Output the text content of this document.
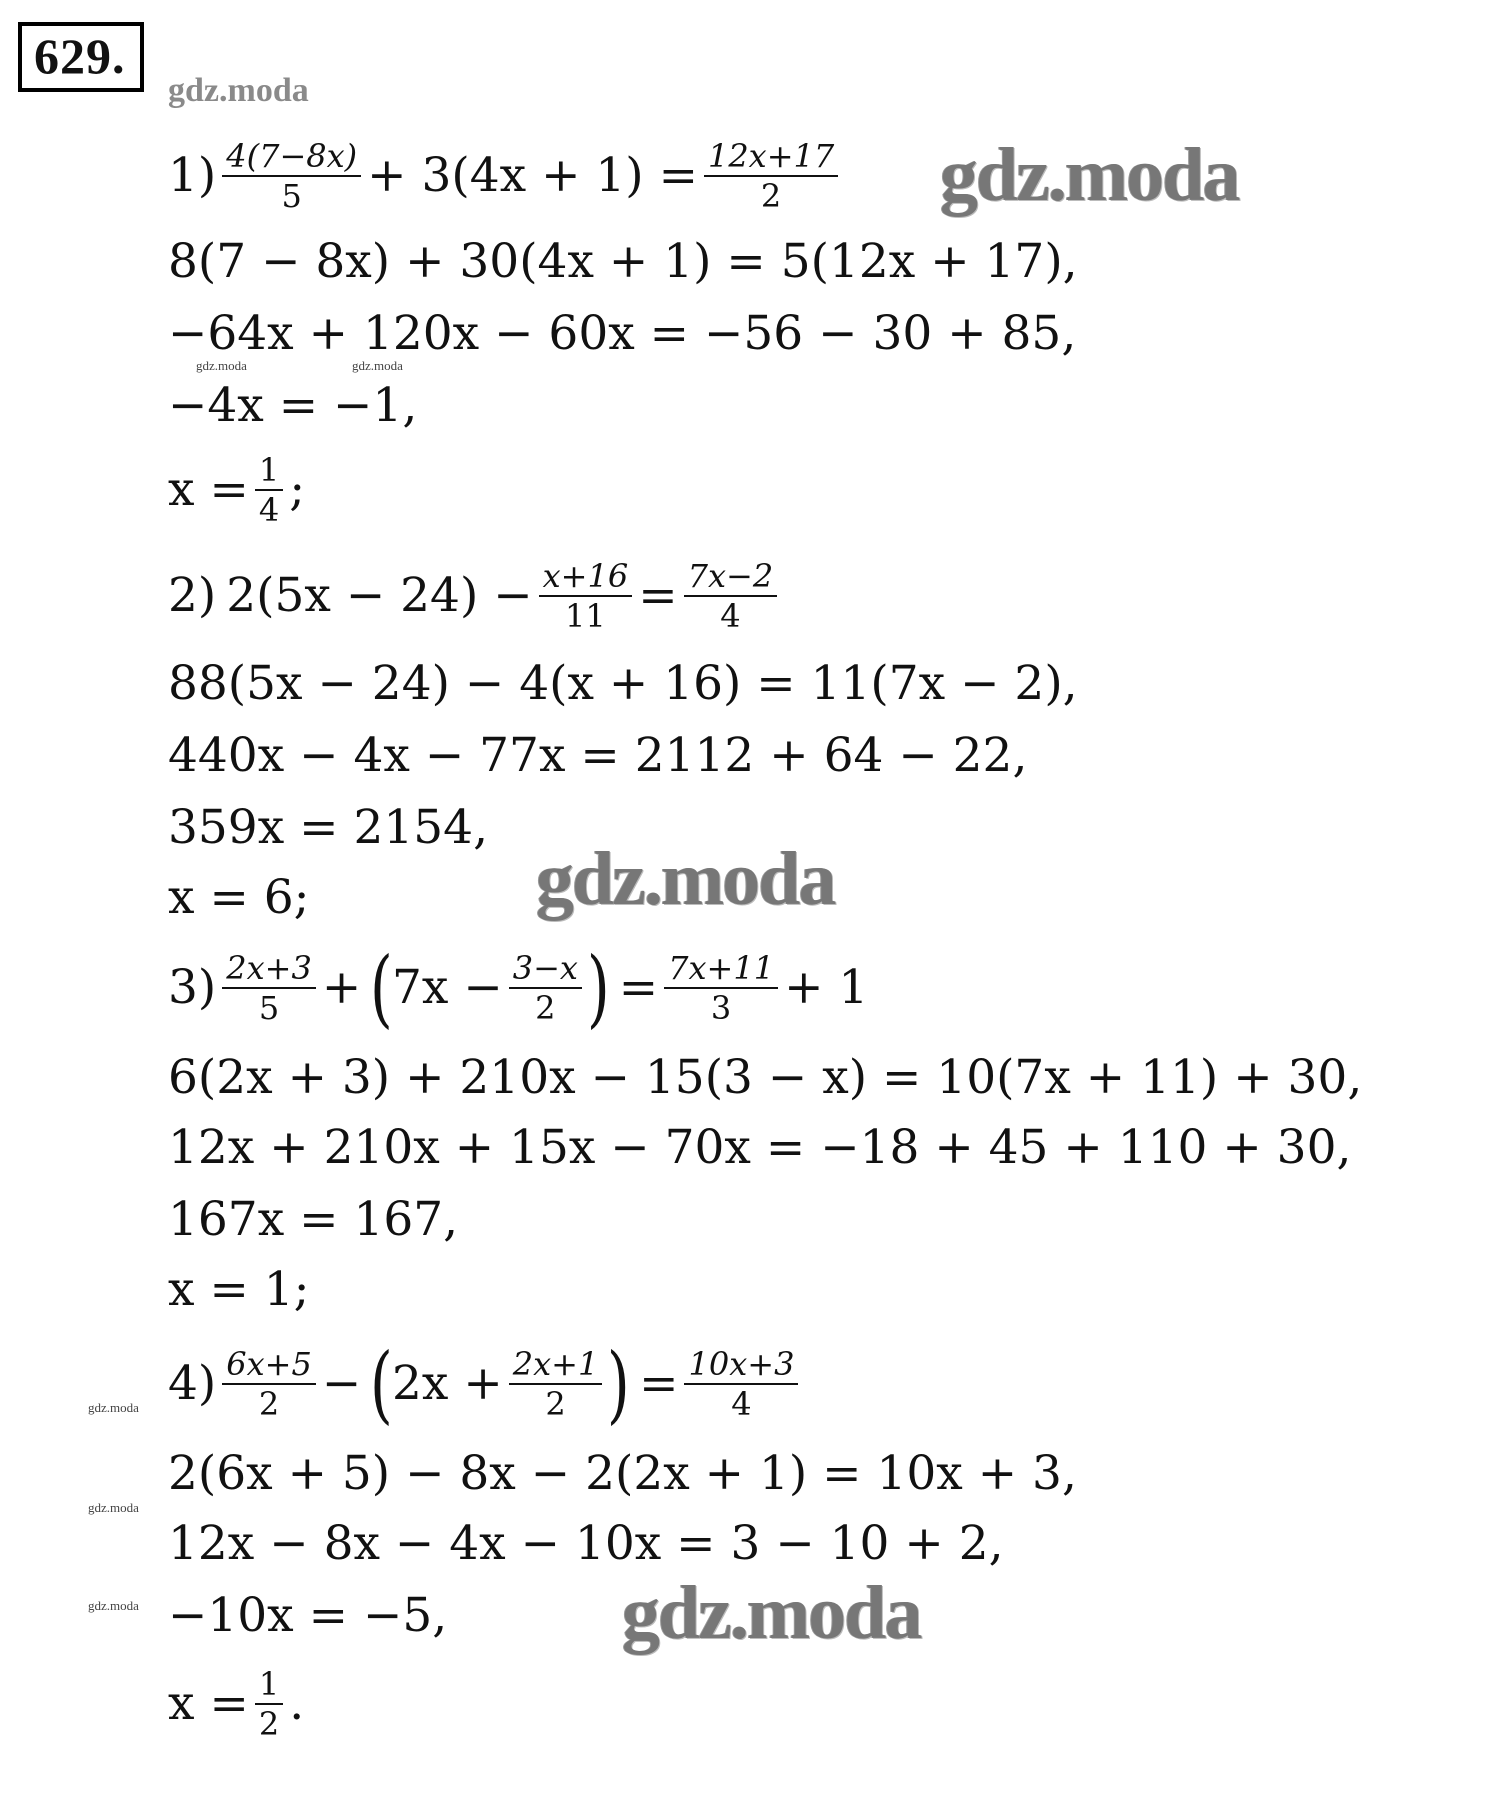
629.
gdz.moda
gdz.moda
gdz.moda	gdz.moda
gdz.moda
gdz.moda
gdz.moda
gdz.moda	gdz.moda
$1) \frac{4(7-8x)}{5} + 3(4x + 1) = \frac{12x+17}{2}$
8(7 − 8x) + 30(4x + 1) = 5(12x + 17),
−64x + 120x − 60x = −56 − 30 + 85,
−4x = −1,
$x = \frac{1}{4}$ ;
2) $2(5x - 24) - \frac{x+16}{11} = \frac{7x-2}{4}$
88(5x − 24) − 4(x + 16) = 11(7x − 2),
440x − 4x − 77x = 2112 + 64 − 22,
359x = 2154,
x = 6;
$3) \frac{2x+3}{5}$ + (
$7x - \frac{3-x}{2}$ ) = $\frac{7x+11}{3} + 1$
6(2x + 3) + 210x − 15(3 − x) = 10(7x + 11) + 30,
12x + 210x + 15x − 70x = −18 + 45 + 110 + 30,
167x = 167,
x = 1;
$4) \frac{6x+5}{2}$ − (
$2x + \frac{2x+1}{2}$ ) = $\frac{10x+3}{4}$
2(6x + 5) − 8x − 2(2x + 1) = 10x + 3,
12x − 8x − 4x − 10x = 3 − 10 + 2,
−10x = −5,
$x = \frac{1}{2}$ .
